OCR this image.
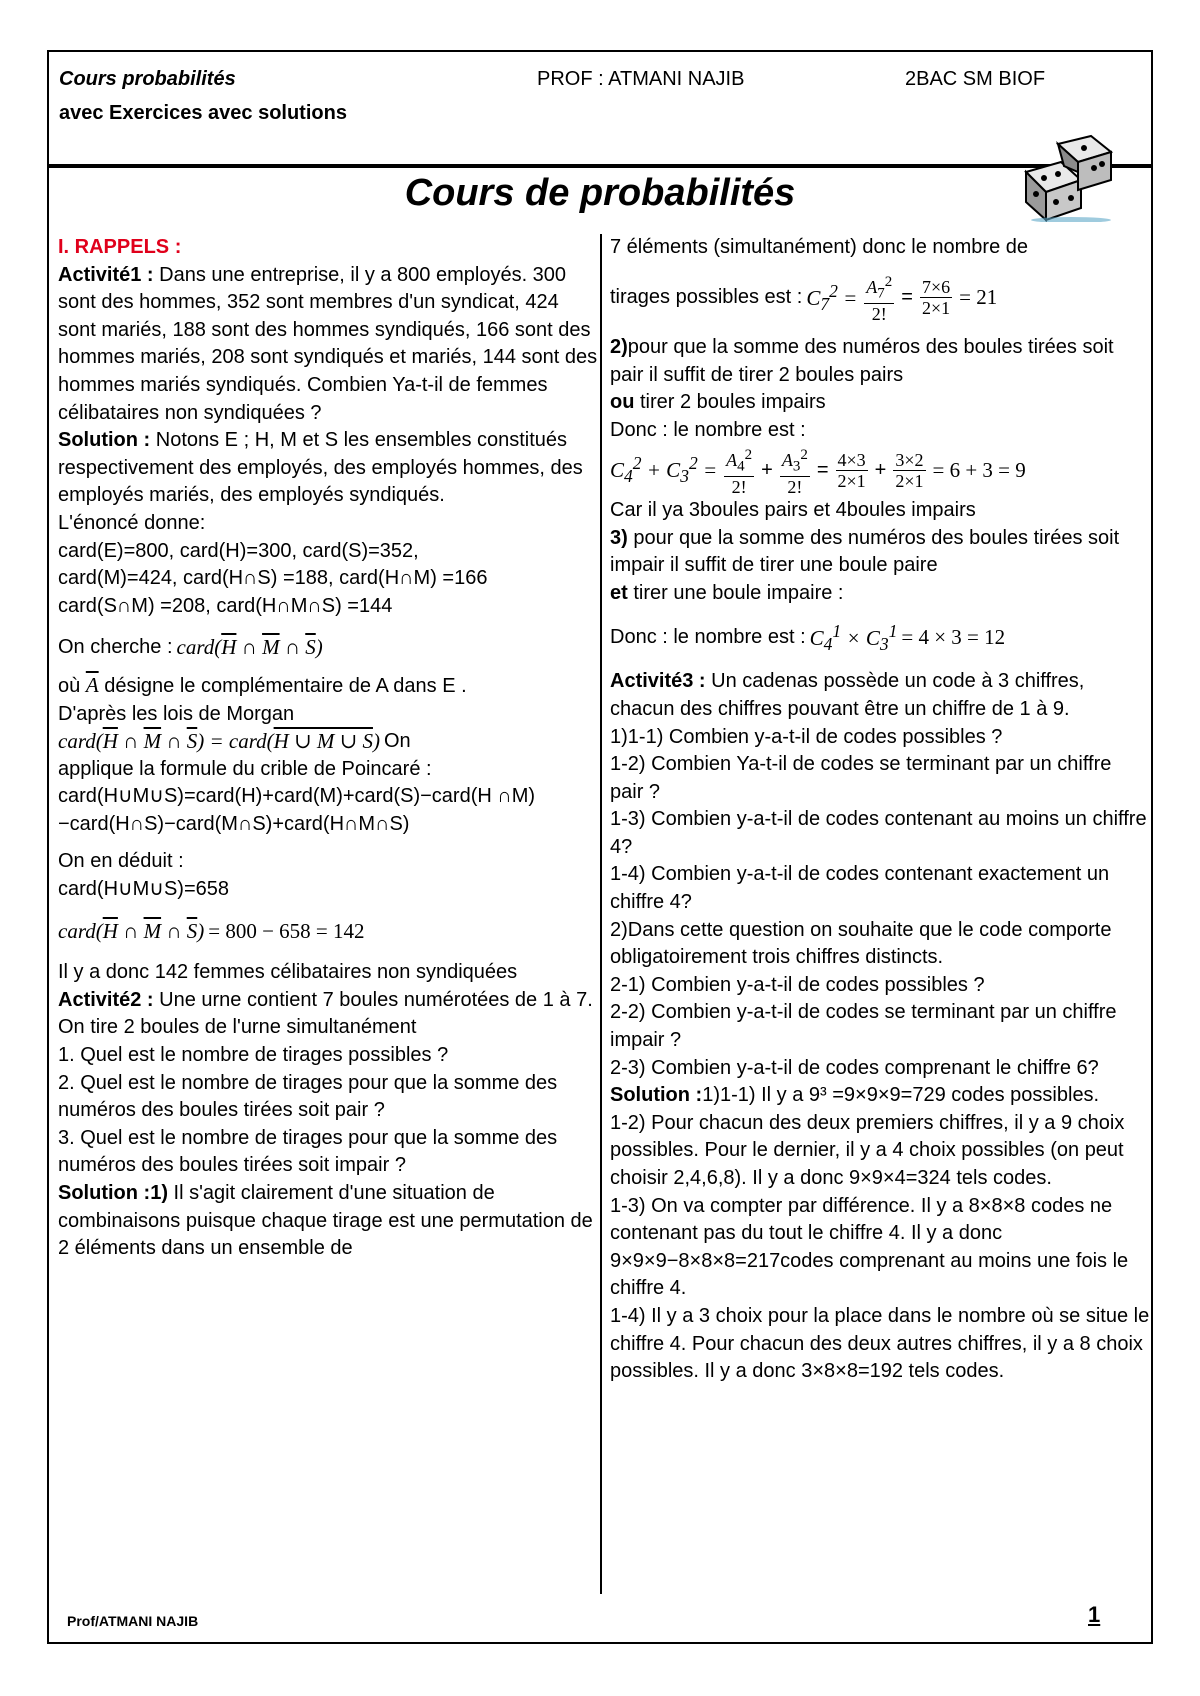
Cours probabilités
avec Exercices avec solutions
PROF : ATMANI NAJIB	2BAC SM BIOF
Cours de probabilités

I. RAPPELS :

Activité1 : Dans une entreprise, il y a 800 employés. 300 sont des hommes, 352 sont membres d'un syndicat, 424 sont mariés, 188 sont des hommes syndiqués, 166 sont des hommes mariés, 208 sont syndiqués et mariés, 144 sont des hommes mariés syndiqués. Combien Ya-t-il de femmes célibataires non syndiquées ?

Solution : Notons E ; H, M et S les ensembles constitués respectivement des employés, des employés hommes, des employés mariés, des employés syndiqués.

L'énoncé donne:

card(E)=800, card(H)=300, card(S)=352,

card(M)=424, card(H∩S) =188, card(H∩M) =166

card(S∩M) =208, card(H∩M∩S) =144

On cherche : $card(\overline{H}$ ∩ $\overline{M}$ ∩ $\overline{S}$)

où $\overline{A}$ désigne le complémentaire de A dans E .

D'après les lois de Morgan

$card(\overline{H}$ ∩ $\overline{M}$ ∩ $\overline{S}$) = card(H ∪ M ∪ S) On

applique la formule du crible de Poincaré :

card(H∪M∪S)=card(H)+card(M)+card(S)−card(H ∩M)−card(H∩S)−card(M∩S)+card(H∩M∩S)

On en déduit :

card(H∪M∪S)=658

$card(\overline{H}$ ∩ $\overline{M}$ ∩ $\overline{S}) = 800 - 658 = 142$

Il y a donc 142 femmes célibataires non syndiquées

Activité2 : Une urne contient 7 boules numérotées de 1 à 7.

On tire 2 boules de l'urne simultanément

1. Quel est le nombre de tirages possibles ?

2. Quel est le nombre de tirages pour que la somme des numéros des boules tirées soit pair ?

3. Quel est le nombre de tirages pour que la somme des numéros des boules tirées soit impair ?

Solution :1) Il s'agit clairement d'une situation de combinaisons puisque chaque tirage est une permutation de 2 éléments dans un ensemble de

7 éléments (simultanément) donc le nombre de

tirages possibles est : $C_7^2 = \frac{A_7^2}{2!} = \frac{7\times 6}{2\times 1} = 21$

2)pour que la somme des numéros des boules tirées soit pair il suffit de tirer 2 boules pairs

ou tirer 2 boules impairs

Donc : le nombre est :

$C_4^2 + C_3^2 = \frac{A_4^2}{2!} + \frac{A_3^2}{2!} = \frac{4\times 3}{2\times 1} + \frac{3\times 2}{2\times 1} = 6 + 3 = 9$

Car il ya 3boules pairs et 4boules impairs

3) pour que la somme des numéros des boules tirées soit impair il suffit de tirer une boule paire

et tirer une boule impaire :

Donc : le nombre est : $C_4^1 \times C_3^1 = 4 \times 3 = 12$

Activité3 : Un cadenas possède un code à 3 chiffres, chacun des chiffres pouvant être un chiffre de 1 à 9.

1)1-1) Combien y-a-t-il de codes possibles ?

1-2) Combien Ya-t-il de codes se terminant par un chiffre pair ?

1-3) Combien y-a-t-il de codes contenant au moins un chiffre 4?

1-4) Combien y-a-t-il de codes contenant exactement un chiffre 4?

2)Dans cette question on souhaite que le code comporte obligatoirement trois chiffres distincts.

2-1) Combien y-a-t-il de codes possibles ?

2-2) Combien y-a-t-il de codes se terminant par un chiffre impair ?

2-3) Combien y-a-t-il de codes comprenant le chiffre 6?

Solution :1)1-1) Il y a 9³ =9×9×9=729 codes possibles.

1-2) Pour chacun des deux premiers chiffres, il y a 9 choix possibles. Pour le dernier, il y a 4 choix possibles (on peut choisir 2,4,6,8). Il y a donc 9×9×4=324 tels codes.

1-3) On va compter par différence. Il y a 8×8×8 codes ne contenant pas du tout le chiffre 4. Il y a donc 9×9×9−8×8×8=217codes comprenant au moins une fois le chiffre 4.

1-4) Il y a 3 choix pour la place dans le nombre où se situe le chiffre 4. Pour chacun des deux autres chiffres, il y a 8 choix possibles. Il y a donc 3×8×8=192 tels codes.

Prof/ATMANI NAJIB	1
